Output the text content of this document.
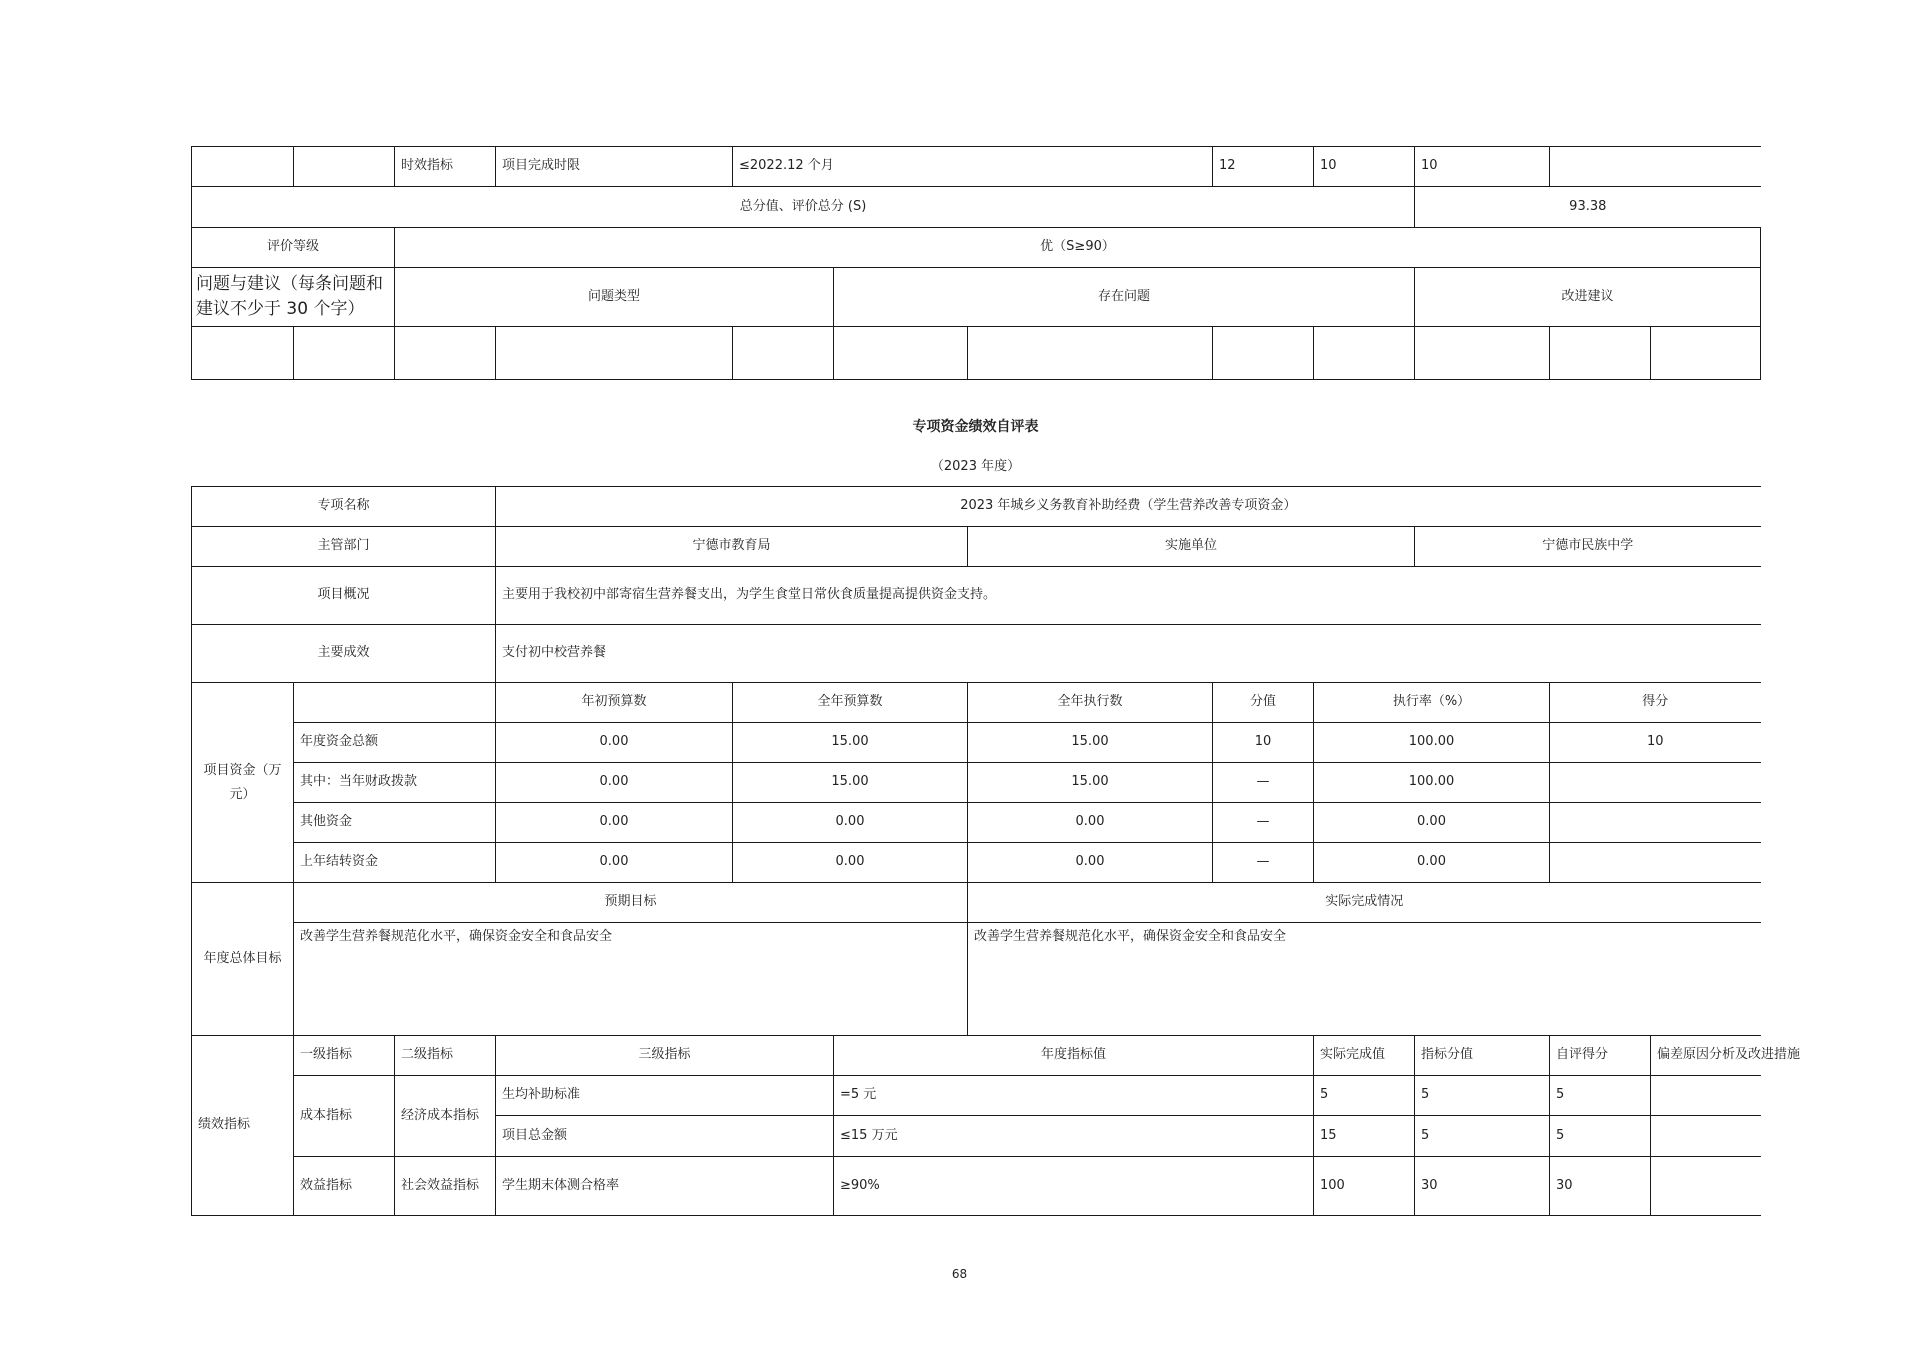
		时效指标	项目完成时限	≤2022.12 个月			12	10	10		
总分值、评价总分 (S)									93.38		
评价等级		优（S≥90）									
问题与建议（每条问题和建议不少于 30 个字）		问题类型			存在问题				改进建议		

专项资金绩效自评表
（2023 年度）
专项名称			2023 年城乡义务教育补助经费（学生营养改善专项资金）								
主管部门			宁德市教育局			实施单位			宁德市民族中学		
项目概况			主要用于我校初中部寄宿生营养餐支出，为学生食堂日常伙食质量提高提供资金支持。								
主要成效			支付初中校营养餐								
项目资金（万元）			年初预算数	全年预算数		全年执行数	分值	执行率（%）		得分	
	年度资金总额		0.00	15.00		15.00	10	100.00		10	
	其中：当年财政拨款		0.00	15.00		15.00	—	100.00			
	其他资金		0.00	0.00		0.00	—	0.00			
	上年结转资金		0.00	0.00		0.00	—	0.00			
年度总体目标	预期目标					实际完成情况					
	改善学生营养餐规范化水平，确保资金安全和食品安全					改善学生营养餐规范化水平，确保资金安全和食品安全					
绩效指标	一级指标	二级指标	三级指标		年度指标值			实际完成值	指标分值	自评得分	偏差原因分析及改进措施
	成本指标	经济成本指标	生均补助标准		=5 元			5	5	5	
			项目总金额		≤15 万元			15	5	5	
	效益指标	社会效益指标	学生期末体测合格率		≥90%			100	30	30	
68
